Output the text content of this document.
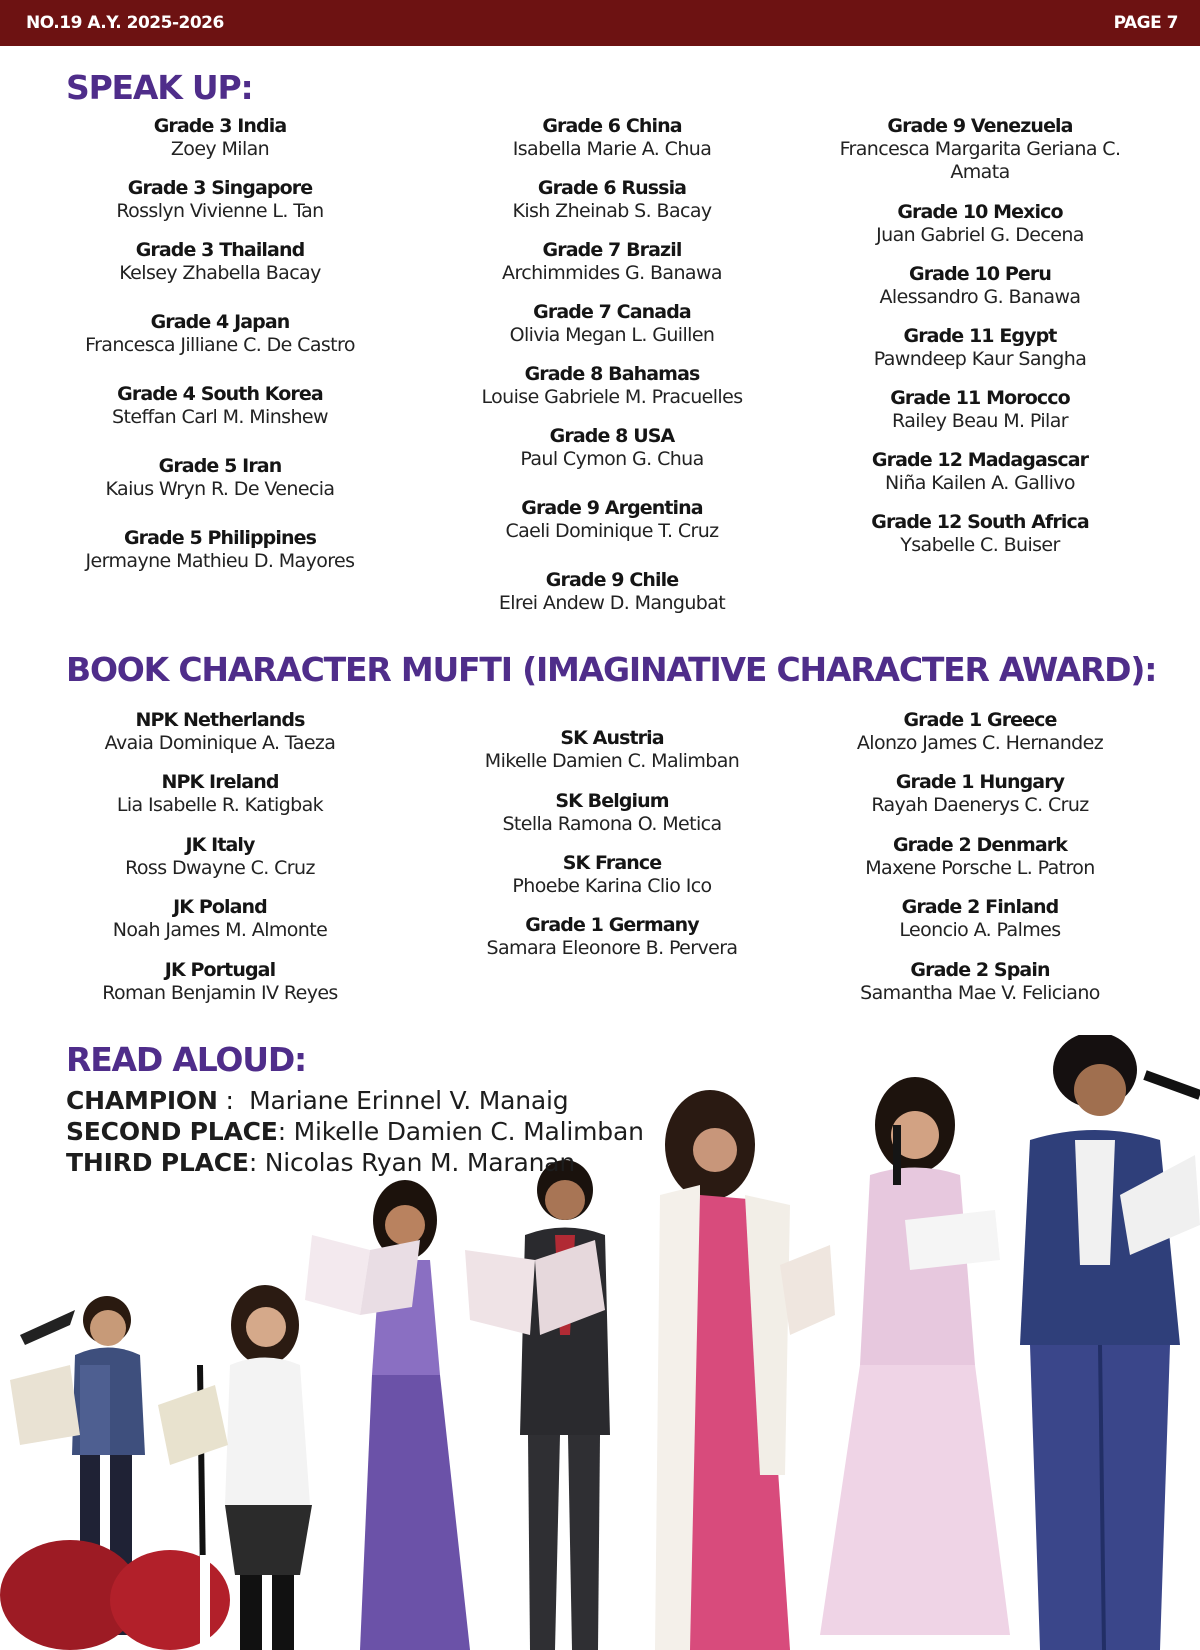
NO.19 A.Y. 2025-2026	PAGE 7
SPEAK UP:
Grade 3 India
Zoey Milan
Grade 3 Singapore
Rosslyn Vivienne L. Tan
Grade 3 Thailand
Kelsey Zhabella Bacay
Grade 4 Japan
Francesca Jilliane C. De Castro
Grade 4 South Korea
Steffan Carl M. Minshew
Grade 5 Iran
Kaius Wryn R. De Venecia
Grade 5 Philippines
Jermayne Mathieu D. Mayores
Grade 6 China
Isabella Marie A. Chua
Grade 6 Russia
Kish Zheinab S. Bacay
Grade 7 Brazil
Archimmides G. Banawa
Grade 7 Canada
Olivia Megan L. Guillen
Grade 8 Bahamas
Louise Gabriele M. Pracuelles
Grade 8 USA
Paul Cymon G. Chua
Grade 9 Argentina
Caeli Dominique T. Cruz
Grade 9 Chile
Elrei Andew D. Mangubat
Grade 9 Venezuela
Francesca Margarita Geriana C. Amata
Grade 10 Mexico
Juan Gabriel G. Decena
Grade 10 Peru
Alessandro G. Banawa
Grade 11 Egypt
Pawndeep Kaur Sangha
Grade 11 Morocco
Railey Beau M. Pilar
Grade 12 Madagascar
Niña Kailen A. Gallivo
Grade 12 South Africa
Ysabelle C. Buiser
BOOK CHARACTER MUFTI (IMAGINATIVE CHARACTER AWARD):
NPK Netherlands
Avaia Dominique A. Taeza
NPK Ireland
Lia Isabelle R. Katigbak
JK Italy
Ross Dwayne C. Cruz
JK Poland
Noah James M. Almonte
JK Portugal
Roman Benjamin IV Reyes
SK Austria
Mikelle Damien C. Malimban
SK Belgium
Stella Ramona O. Metica
SK France
Phoebe Karina Clio Ico
Grade 1 Germany
Samara Eleonore B. Pervera
Grade 1 Greece
Alonzo James C. Hernandez
Grade 1 Hungary
Rayah Daenerys C. Cruz
Grade 2 Denmark
Maxene Porsche L. Patron
Grade 2 Finland
Leoncio A. Palmes
Grade 2 Spain
Samantha Mae V. Feliciano
READ ALOUD:
CHAMPION :  Mariane Erinnel V. Manaig
SECOND PLACE: Mikelle Damien C. Malimban
THIRD PLACE: Nicolas Ryan M. Maranan
